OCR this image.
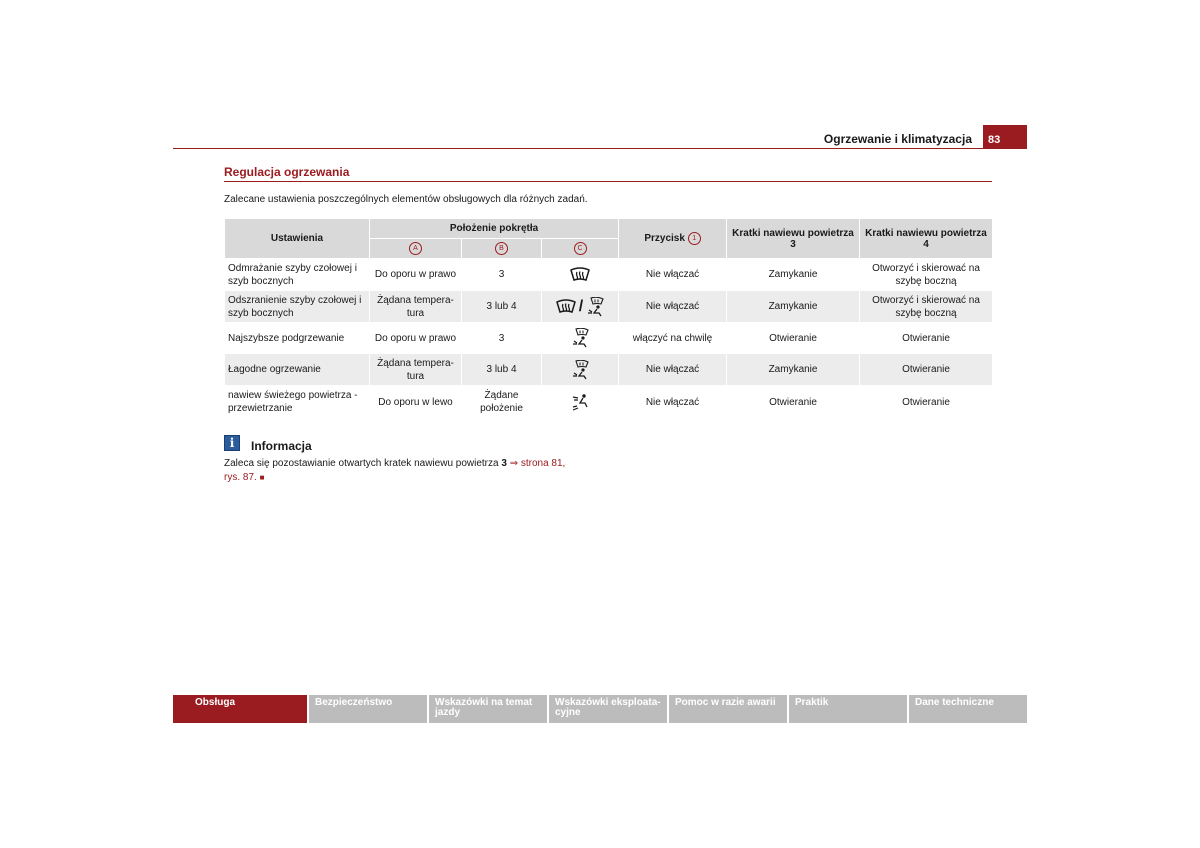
Ogrzewanie i klimatyzacja	83
Regulacja ogrzewania
Zalecane ustawienia poszczególnych elementów obsługowych dla różnych zadań.
Ustawienia	Położenie pokrętła			Przycisk 1	Kratki nawiewu powietrza 3	Kratki nawiewu powietrza 4
	A	B	C			
Odmrażanie szyby czołowej i szyb bocznych	Do oporu w prawo	3		Nie włączać	Zamykanie	Otworzyć i skierować na szybę boczną
Odszranienie szyby czołowej i szyb bocznych	Żądana tempera-tura	3 lub 4	/	Nie włączać	Zamykanie	Otworzyć i skierować na szybę boczną
Najszybsze podgrzewanie	Do oporu w prawo	3		włączyć na chwilę	Otwieranie	Otwieranie
Łagodne ogrzewanie	Żądana tempera-tura	3 lub 4		Nie włączać	Zamykanie	Otwieranie
nawiew świeżego powietrza - przewietrzanie	Do oporu w lewo	Żądane położenie		Nie włączać	Otwieranie	Otwieranie
i	Informacja
Zaleca się pozostawianie otwartych kratek nawiewu powietrza 3 ⇒ strona 81, rys. 87. ■
Obsługa	Bezpieczeństwo	Wskazówki na temat jazdy
Wskazówki eksploata-cyjne
Pomoc w razie awarii	Praktik	Dane techniczne
